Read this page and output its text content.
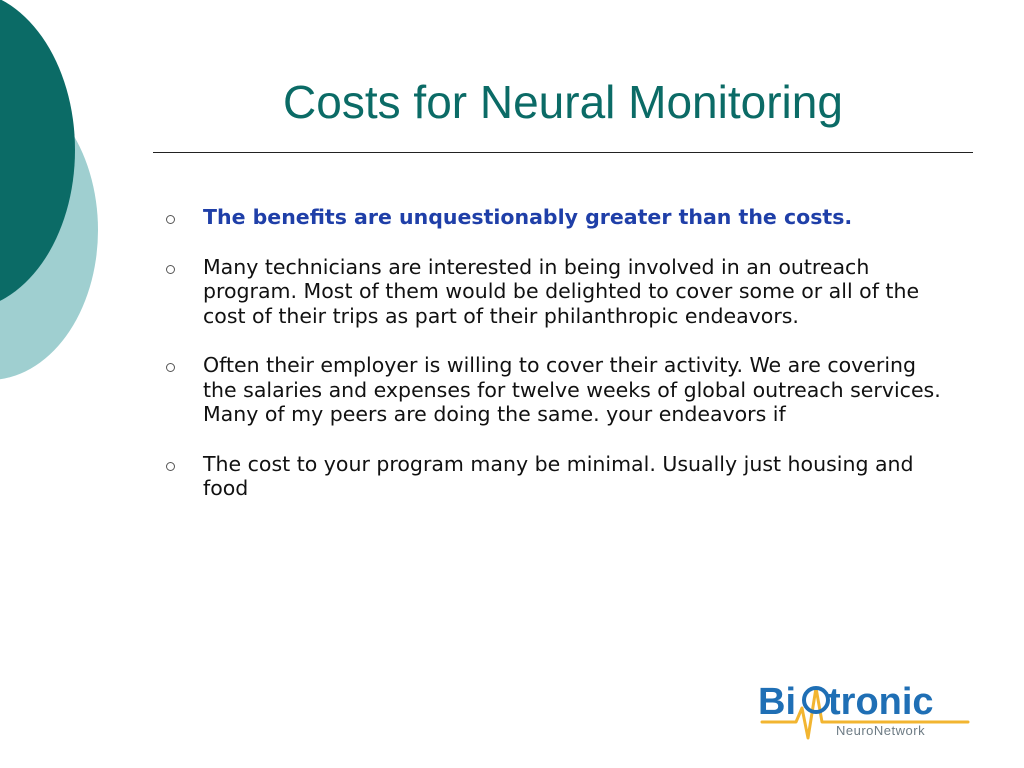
Costs for Neural Monitoring
The benefits are unquestionably greater than the costs.
Many technicians are interested in being involved in an outreach program. Most of them would be delighted to cover some or all of the cost of their trips as part of their philanthropic endeavors.
Often their employer is willing to cover their activity. We are covering the salaries and expenses for twelve weeks of global outreach services. Many of my peers are doing the same. your endeavors if
The cost to your program many be minimal. Usually just housing and food
Bi tronic
NeuroNetwork
